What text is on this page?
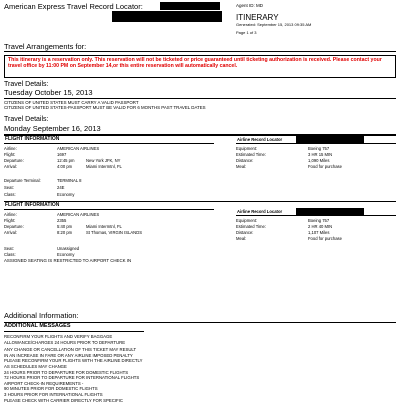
American Express Travel Record Locator:
Travel Arrangements for:
Agent ID: MD
ITINERARY
Generated: September 15, 2013 09:35 AM
Page 1 of 3
This itinerary is a reservation only. This reservation will not be ticketed or price guaranteed until ticketing authorization is received. Please contact your travel office by 11:00 PM on September 14,or this entire reservation will automatically cancel.
Travel Details:
Tuesday October 15, 2013
CITIZENS OF UNITED STATES MUST CARRY A VALID PASSPORT
CITIZENS OF UNITED STATES-PASSPORT MUST BE VALID FOR 6 MONTHS PAST TRAVEL DATES
Travel Details:
Monday September 16, 2013
FLIGHT INFORMATION
Airline:	AMERICAN AIRLINES
Flight:	1697
Departure:	12:45 pm	New York JFK, NY
Arrival:	4:00 pm	Miami Intermtnl, FL
Departure Terminal:	TERMINAL 8
Seat:	24E
Class:	Economy
Airline Record Locator
Equipment:	Boeing 757
Estimated Time:	3 HR 15 MIN
Distance:	1,090 Miles
Meal:	Food for purchase
FLIGHT INFORMATION
Airline:	AMERICAN AIRLINES
Flight:	2355
Departure:	5:40 pm	Miami Intermtnl, FL
Arrival:	8:20 pm	St Thomas, VIRGIN ISLANDS
Seat:	Unassigned
Class:	Economy
ASSIGNED SEATING IS RESTRICTED TO AIRPORT CHECK IN
Airline Record Locator
Equipment:	Boeing 757
Estimated Time:	2 HR 40 MIN
Distance:	1,107 Miles
Meal:	Food for purchase
Additional Information:
ADDITIONAL MESSAGES
RECONFIRM YOUR FLIGHTS AND VERIFY BAGGAGE
ALLOWANCE/CHARGES 24 HOURS PRIOR TO DEPARTURE
ANY CHANGE OR CANCELLATION OF THIS TICKET MAY RESULT
IN AN INCREASE IN FARE OR ANY AIRLINE IMPOSED PENALTY
PLEASE RECONFIRM YOUR FLIGHTS WITH THE AIRLINE DIRECTLY
AS SCHEDULES MAY CHANGE
24 HOURS PRIOR TO DEPARTURE FOR DOMESTIC FLIGHTS
72 HOURS PRIOR TO DEPARTURE FOR INTERNATIONAL FLIGHTS
AIRPORT CHECK-IN REQUIREMENTS -
90 MINUTES PRIOR FOR DOMESTIC FLIGHTS
3 HOURS PRIOR FOR INTERNATIONAL FLIGHTS
PLEASE CHECK WITH CARRIER DIRECTLY FOR SPECIFIC
